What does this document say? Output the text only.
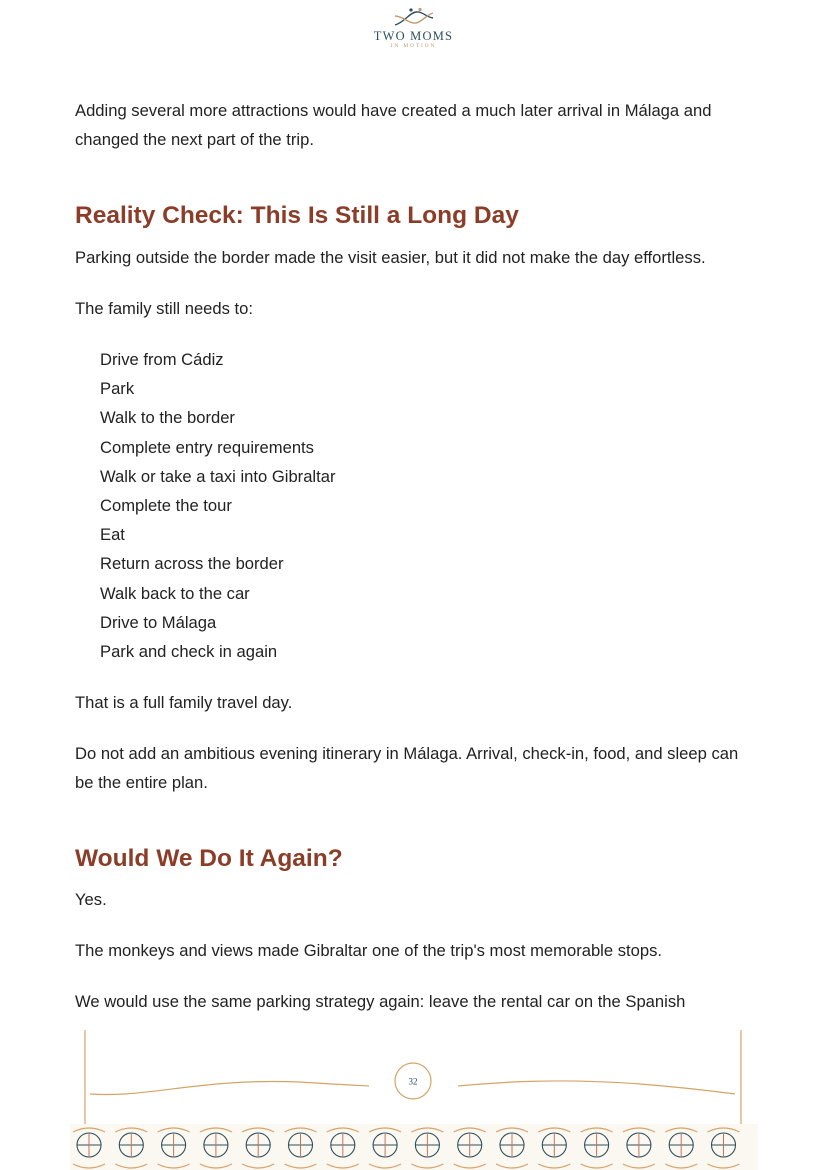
TWO MOMS
IN MOTION

Adding several more attractions would have created a much later arrival in Málaga and changed the next part of the trip.

Reality Check: This Is Still a Long Day

Parking outside the border made the visit easier, but it did not make the day effortless.

The family still needs to:

Drive from Cádiz
Park
Walk to the border
Complete entry requirements
Walk or take a taxi into Gibraltar
Complete the tour
Eat
Return across the border
Walk back to the car
Drive to Málaga
Park and check in again

That is a full family travel day.

Do not add an ambitious evening itinerary in Málaga. Arrival, check-in, food, and sleep can be the entire plan.

Would We Do It Again?

Yes.

The monkeys and views made Gibraltar one of the trip's most memorable stops.

We would use the same parking strategy again: leave the rental car on the Spanish

32
